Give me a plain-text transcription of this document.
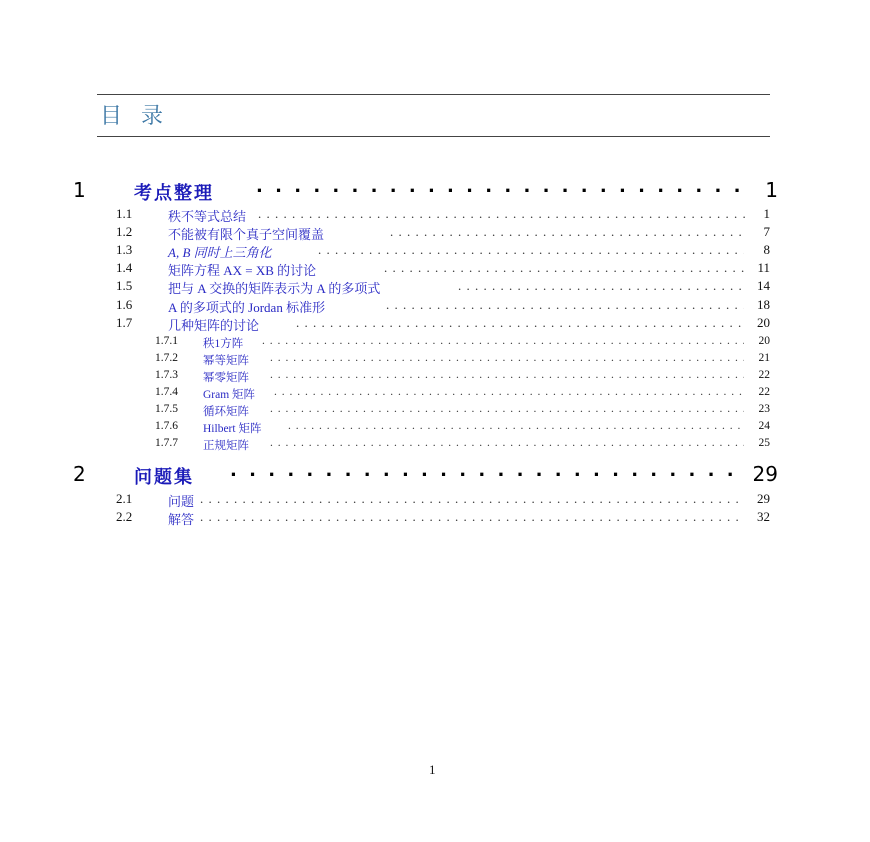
目 录
1	考点整理 . . .	1
1.1	秩不等式总结 . . .	1
1.2	不能被有限个真子空间覆盖 . . .	7
1.3	A, B 同时上三角化 . . .	8
1.4	矩阵方程 AX = XB 的讨论 . . .	11
1.5	把与 A 交换的矩阵表示为 A 的多项式 . . .	14
1.6	A 的多项式的 Jordan 标准形 . . .	18
1.7	几种矩阵的讨论 . . .	20
1.7.1 秩1方阵 . . .	20
1.7.2 幂等矩阵 . . .	21
1.7.3 幂零矩阵 . . .	22
1.7.4 Gram 矩阵 . . .	22
1.7.5 循环矩阵 . . .	23
1.7.6 Hilbert 矩阵 . . .	24
1.7.7 正规矩阵 . . .	25
2	问题集 . . .	29
2.1	问题 . . .	29
2.2	解答 . . .	32
1
